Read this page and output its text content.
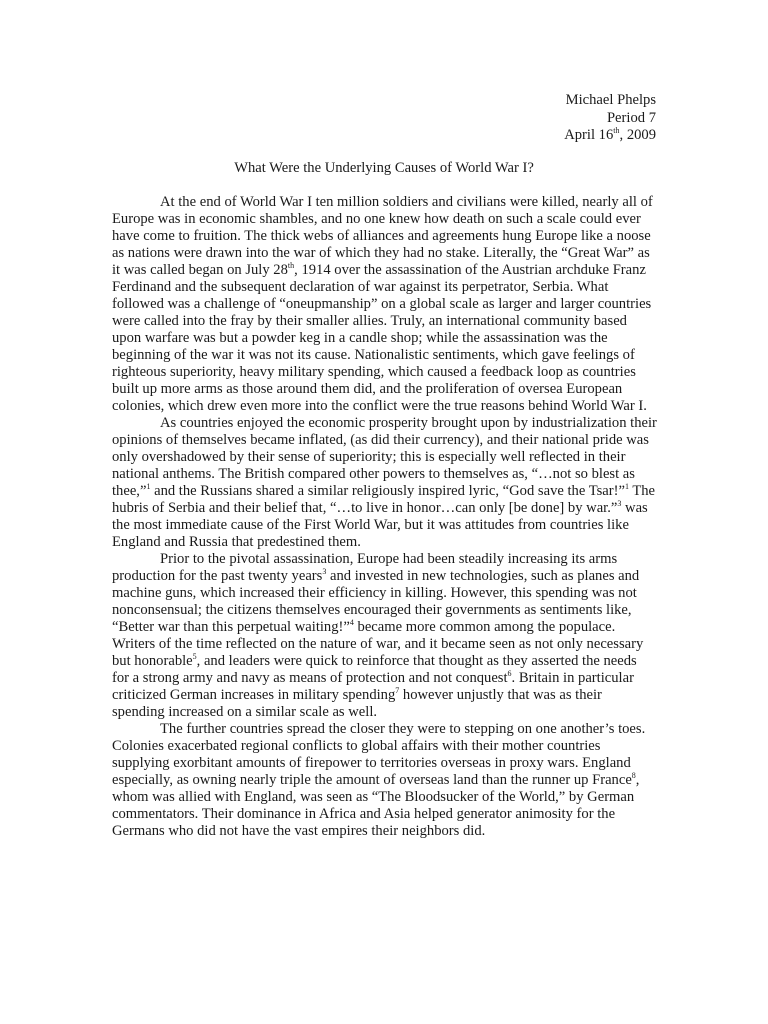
Michael Phelps
Period 7
April 16th, 2009
What Were the Underlying Causes of World War I?

At the end of World War I ten million soldiers and civilians were killed, nearly all of Europe was in economic shambles, and no one knew how death on such a scale could ever have come to fruition. The thick webs of alliances and agreements hung Europe like a noose as nations were drawn into the war of which they had no stake. Literally, the “Great War” as it was called began on July 28th, 1914 over the assassination of the Austrian archduke Franz Ferdinand and the subsequent declaration of war against its perpetrator, Serbia. What followed was a challenge of “oneupmanship” on a global scale as larger and larger countries were called into the fray by their smaller allies. Truly, an international community based upon warfare was but a powder keg in a candle shop; while the assassination was the beginning of the war it was not its cause. Nationalistic sentiments, which gave feelings of righteous superiority, heavy military spending, which caused a feedback loop as countries built up more arms as those around them did, and the proliferation of oversea European colonies, which drew even more into the conflict were the true reasons behind World War I.

As countries enjoyed the economic prosperity brought upon by industrialization their opinions of themselves became inflated, (as did their currency), and their national pride was only overshadowed by their sense of superiority; this is especially well reflected in their national anthems. The British compared other powers to themselves as, “…not so blest as thee,”$^1$ and the Russians shared a similar religiously inspired lyric, “God save the Tsar!”$^1$ The hubris of Serbia and their belief that, “…to live in honor…can only [be done] by war.”$^3$ was the most immediate cause of the First World War, but it was attitudes from countries like England and Russia that predestined them.

Prior to the pivotal assassination, Europe had been steadily increasing its arms production for the past twenty years$^3$ and invested in new technologies, such as planes and machine guns, which increased their efficiency in killing. However, this spending was not nonconsensual; the citizens themselves encouraged their governments as sentiments like, “Better war than this perpetual waiting!”$^4$ became more common among the populace. Writers of the time reflected on the nature of war, and it became seen as not only necessary but honorable$^5$, and leaders were quick to reinforce that thought as they asserted the needs for a strong army and navy as means of protection and not conquest$^6$. Britain in particular criticized German increases in military spending$^7$ however unjustly that was as their spending increased on a similar scale as well.

The further countries spread the closer they were to stepping on one another’s toes. Colonies exacerbated regional conflicts to global affairs with their mother countries supplying exorbitant amounts of firepower to territories overseas in proxy wars. England especially, as owning nearly triple the amount of overseas land than the runner up France$^8$, whom was allied with England, was seen as “The Bloodsucker of the World,” by German commentators. Their dominance in Africa and Asia helped generator animosity for the Germans who did not have the vast empires their neighbors did.
